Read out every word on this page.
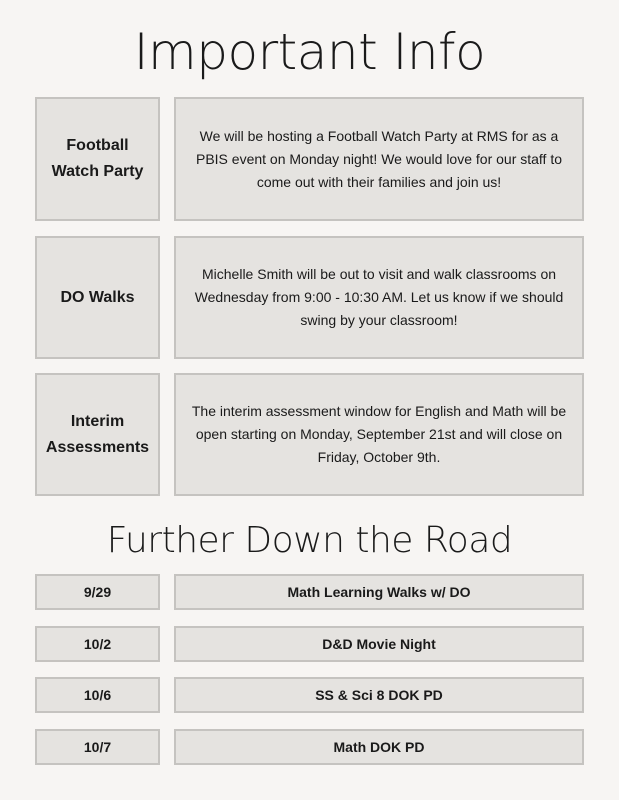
Important Info
Football Watch Party
We will be hosting a Football Watch Party at RMS for as a PBIS event on Monday night! We would love for our staff to come out with their families and join us!
DO Walks
Michelle Smith will be out to visit and walk classrooms on Wednesday from 9:00 - 10:30 AM. Let us know if we should swing by your classroom!
Interim Assessments
The interim assessment window for English and Math will be open starting on Monday, September 21st and will close on Friday, October 9th.
Further Down the Road
9/29	Math Learning Walks w/ DO
10/2	D&D Movie Night
10/6	SS & Sci 8 DOK PD
10/7	Math DOK PD
